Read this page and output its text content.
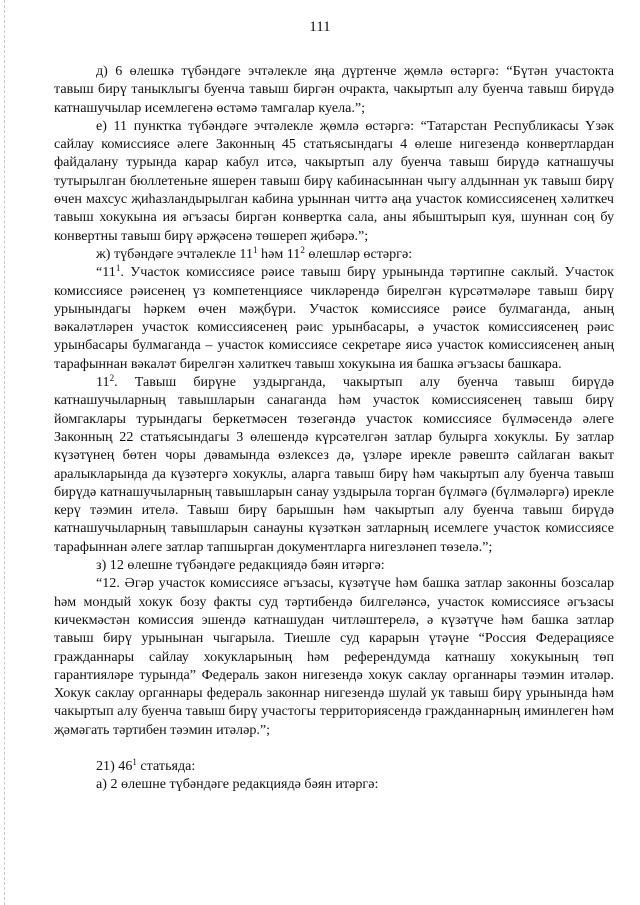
111

д) 6 өлешкә түбәндәге эчтәлекле яңа дүртенче җөмлә өстәргә: “Бүтән участокта тавыш бирү таныклыгы буенча тавыш биргән очракта, чакыртып алу буенча тавыш бирүдә катнашучылар исемлегенә өстәмә тамгалар куела.”;

е) 11 пунктка түбәндәге эчтәлекле җөмлә өстәргә: “Татарстан Республикасы Үзәк сайлау комиссиясе әлеге Законның 45 статьясындагы 4 өлеше нигезендә конвертлардан файдалану турында карар кабул итсә, чакыртып алу буенча тавыш бирүдә катнашучы тутырылган бюллетеньне яшерен тавыш бирү кабинасыннан чыгу алдыннан ук тавыш бирү өчен махсус җиһазландырылган кабина урыннан читтә аңа участок комиссиясенең хәлиткеч тавыш хокукына ия әгъзасы биргән конвертка сала, аны ябыштырып куя, шуннан соң бу конвертны тавыш бирү әрҗәсенә төшереп җибәрә.”;

ж) түбәндәге эчтәлекле $11^1$ һәм $11^2$ өлешләр өстәргә:

“$11^1$. Участок комиссиясе рәисе тавыш бирү урынында тәртипне саклый. Участок комиссиясе рәисенең үз компетенциясе чикләрендә бирелгән күрсәтмәләре тавыш бирү урынындагы һәркем өчен мәҗбүри. Участок комиссиясе рәисе булмаганда, аның вәкаләтләрен участок комиссиясенең рәис урынбасары, ә участок комиссиясенең рәис урынбасары булмаганда – участок комиссиясе секретаре яисә участок комиссиясенең аның тарафыннан вәкаләт бирелгән хәлиткеч тавыш хокукына ия башка әгъзасы башкара.

$11^2$. Тавыш бирүне уздырганда, чакыртып алу буенча тавыш бирүдә катнашучыларның тавышларын санаганда һәм участок комиссиясенең тавыш бирү йомгаклары турындагы беркетмәсен төзегәндә участок комиссиясе бүлмәсендә әлеге Законның 22 статьясындагы 3 өлешендә күрсәтелгән затлар булырга хокуклы. Бу затлар күзәтүнең бөтен чоры дәвамында өзлексез дә, үзләре ирекле рәвештә сайлаган вакыт аралыкларында да күзәтергә хокуклы, аларга тавыш бирү һәм чакыртып алу буенча тавыш бирүдә катнашучыларның тавышларын санау уздырыла торган бүлмәгә (бүлмәләргә) ирекле керү тәэмин ителә. Тавыш бирү барышын һәм чакыртып алу буенча тавыш бирүдә катнашучыларның тавышларын санауны күзәткән затларның исемлеге участок комиссиясе тарафыннан әлеге затлар тапшырган документларга нигезләнеп төзелә.”;

з) 12 өлешне түбәндәге редакциядә бәян итәргә:

“12. Әгәр участок комиссиясе әгъзасы, күзәтүче һәм башка затлар законны бозсалар һәм мондый хокук бозу факты суд тәртибендә билгеләнсә, участок комиссиясе әгъзасы кичекмәстән комиссия эшендә катнашудан читләштерелә, ә күзәтүче һәм башка затлар тавыш бирү урынынан чыгарыла. Тиешле суд карарын үтәүне “Россия Федерациясе гражданнары сайлау хокукларының һәм референдумда катнашу хокукының төп гарантияләре турында” Федераль закон нигезендә хокук саклау органнары тәэмин итәләр. Хокук саклау органнары федераль законнар нигезендә шулай ук тавыш бирү урынында һәм чакыртып алу буенча тавыш бирү участогы территориясендә гражданнарның иминлеген һәм җәмәгать тәртибен тәэмин итәләр.”;

21) $46^1$ статьяда:

а) 2 өлешне түбәндәге редакциядә бәян итәргә:
